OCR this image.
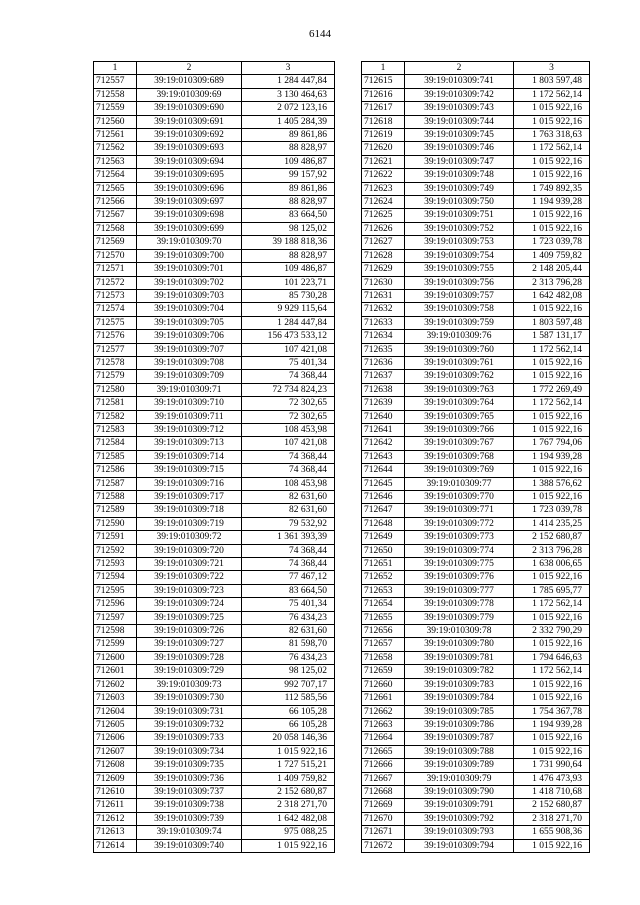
6144
1	2	3
712557	39:19:010309:689	1 284 447,84
712558	39:19:010309:69	3 130 464,63
712559	39:19:010309:690	2 072 123,16
712560	39:19:010309:691	1 405 284,39
712561	39:19:010309:692	89 861,86
712562	39:19:010309:693	88 828,97
712563	39:19:010309:694	109 486,87
712564	39:19:010309:695	99 157,92
712565	39:19:010309:696	89 861,86
712566	39:19:010309:697	88 828,97
712567	39:19:010309:698	83 664,50
712568	39:19:010309:699	98 125,02
712569	39:19:010309:70	39 188 818,36
712570	39:19:010309:700	88 828,97
712571	39:19:010309:701	109 486,87
712572	39:19:010309:702	101 223,71
712573	39:19:010309:703	85 730,28
712574	39:19:010309:704	9 929 115,64
712575	39:19:010309:705	1 284 447,84
712576	39:19:010309:706	156 473 533,12
712577	39:19:010309:707	107 421,08
712578	39:19:010309:708	75 401,34
712579	39:19:010309:709	74 368,44
712580	39:19:010309:71	72 734 824,23
712581	39:19:010309:710	72 302,65
712582	39:19:010309:711	72 302,65
712583	39:19:010309:712	108 453,98
712584	39:19:010309:713	107 421,08
712585	39:19:010309:714	74 368,44
712586	39:19:010309:715	74 368,44
712587	39:19:010309:716	108 453,98
712588	39:19:010309:717	82 631,60
712589	39:19:010309:718	82 631,60
712590	39:19:010309:719	79 532,92
712591	39:19:010309:72	1 361 393,39
712592	39:19:010309:720	74 368,44
712593	39:19:010309:721	74 368,44
712594	39:19:010309:722	77 467,12
712595	39:19:010309:723	83 664,50
712596	39:19:010309:724	75 401,34
712597	39:19:010309:725	76 434,23
712598	39:19:010309:726	82 631,60
712599	39:19:010309:727	81 598,70
712600	39:19:010309:728	76 434,23
712601	39:19:010309:729	98 125,02
712602	39:19:010309:73	992 707,17
712603	39:19:010309:730	112 585,56
712604	39:19:010309:731	66 105,28
712605	39:19:010309:732	66 105,28
712606	39:19:010309:733	20 058 146,36
712607	39:19:010309:734	1 015 922,16
712608	39:19:010309:735	1 727 515,21
712609	39:19:010309:736	1 409 759,82
712610	39:19:010309:737	2 152 680,87
712611	39:19:010309:738	2 318 271,70
712612	39:19:010309:739	1 642 482,08
712613	39:19:010309:74	975 088,25
712614	39:19:010309:740	1 015 922,16
1	2	3
712615	39:19:010309:741	1 803 597,48
712616	39:19:010309:742	1 172 562,14
712617	39:19:010309:743	1 015 922,16
712618	39:19:010309:744	1 015 922,16
712619	39:19:010309:745	1 763 318,63
712620	39:19:010309:746	1 172 562,14
712621	39:19:010309:747	1 015 922,16
712622	39:19:010309:748	1 015 922,16
712623	39:19:010309:749	1 749 892,35
712624	39:19:010309:750	1 194 939,28
712625	39:19:010309:751	1 015 922,16
712626	39:19:010309:752	1 015 922,16
712627	39:19:010309:753	1 723 039,78
712628	39:19:010309:754	1 409 759,82
712629	39:19:010309:755	2 148 205,44
712630	39:19:010309:756	2 313 796,28
712631	39:19:010309:757	1 642 482,08
712632	39:19:010309:758	1 015 922,16
712633	39:19:010309:759	1 803 597,48
712634	39:19:010309:76	1 587 131,17
712635	39:19:010309:760	1 172 562,14
712636	39:19:010309:761	1 015 922,16
712637	39:19:010309:762	1 015 922,16
712638	39:19:010309:763	1 772 269,49
712639	39:19:010309:764	1 172 562,14
712640	39:19:010309:765	1 015 922,16
712641	39:19:010309:766	1 015 922,16
712642	39:19:010309:767	1 767 794,06
712643	39:19:010309:768	1 194 939,28
712644	39:19:010309:769	1 015 922,16
712645	39:19:010309:77	1 388 576,62
712646	39:19:010309:770	1 015 922,16
712647	39:19:010309:771	1 723 039,78
712648	39:19:010309:772	1 414 235,25
712649	39:19:010309:773	2 152 680,87
712650	39:19:010309:774	2 313 796,28
712651	39:19:010309:775	1 638 006,65
712652	39:19:010309:776	1 015 922,16
712653	39:19:010309:777	1 785 695,77
712654	39:19:010309:778	1 172 562,14
712655	39:19:010309:779	1 015 922,16
712656	39:19:010309:78	2 332 790,29
712657	39:19:010309:780	1 015 922,16
712658	39:19:010309:781	1 794 646,63
712659	39:19:010309:782	1 172 562,14
712660	39:19:010309:783	1 015 922,16
712661	39:19:010309:784	1 015 922,16
712662	39:19:010309:785	1 754 367,78
712663	39:19:010309:786	1 194 939,28
712664	39:19:010309:787	1 015 922,16
712665	39:19:010309:788	1 015 922,16
712666	39:19:010309:789	1 731 990,64
712667	39:19:010309:79	1 476 473,93
712668	39:19:010309:790	1 418 710,68
712669	39:19:010309:791	2 152 680,87
712670	39:19:010309:792	2 318 271,70
712671	39:19:010309:793	1 655 908,36
712672	39:19:010309:794	1 015 922,16
